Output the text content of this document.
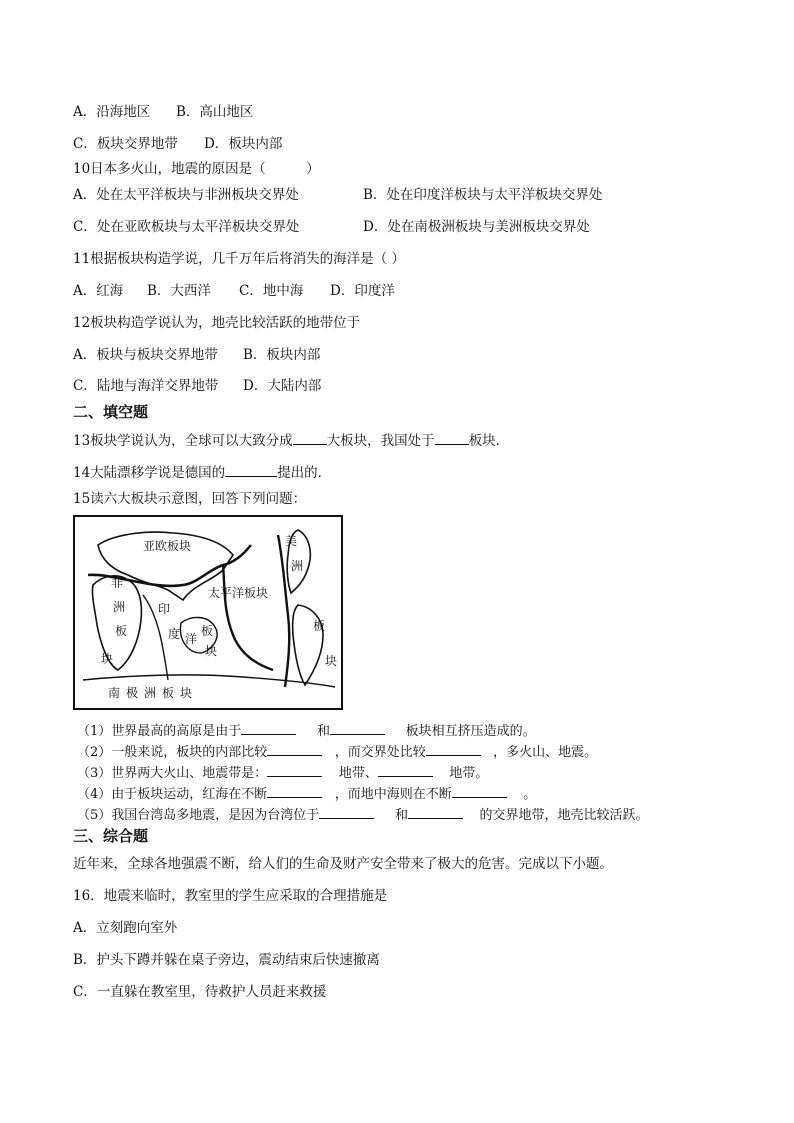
A．沿海地区 B．高山地区
C．板块交界地带 D．板块内部
10日本多火山，地震的原因是（　　　）
A．处在太平洋板块与非洲板块交界处	B．处在印度洋板块与太平洋板块交界处
C．处在亚欧板块与太平洋板块交界处	D．处在南极洲板块与美洲板块交界处
11根据板块构造学说，几千万年后将消失的海洋是（ ）
A．红海 B．大西洋 C．地中海 D．印度洋
12板块构造学说认为，地壳比较活跃的地带位于
A．板块与板块交界地带 B．板块内部
C．陆地与海洋交界地带 D．大陆内部
二、填空题
13板块学说认为，全球可以大致分成	大板块，我国处于	板块．
14大陆漂移学说是德国的	提出的．
15读六大板块示意图，回答下列问题：
亚欧板块
太平洋板块
非
洲
板
块
印
度 洋
板
块
美
洲
板
块
南极洲板块
（1）世界最高的高原是由于	和	板块相互挤压造成的。
（2）一般来说，板块的内部比较	，而交界处比较	，多火山、地震。
（3）世界两大火山、地震带是：	地带、	地带。
（4）由于板块运动，红海在不断	，而地中海则在不断	。
（5）我国台湾岛多地震，是因为台湾位于	和	的交界地带，地壳比较活跃。
三、综合题
近年来，全球各地强震不断，给人们的生命及财产安全带来了极大的危害。完成以下小题。
16．地震来临时，教室里的学生应采取的合理措施是
A．立刻跑向室外
B．护头下蹲并躲在桌子旁边，震动结束后快速撤离
C．一直躲在教室里，待救护人员赶来救援
